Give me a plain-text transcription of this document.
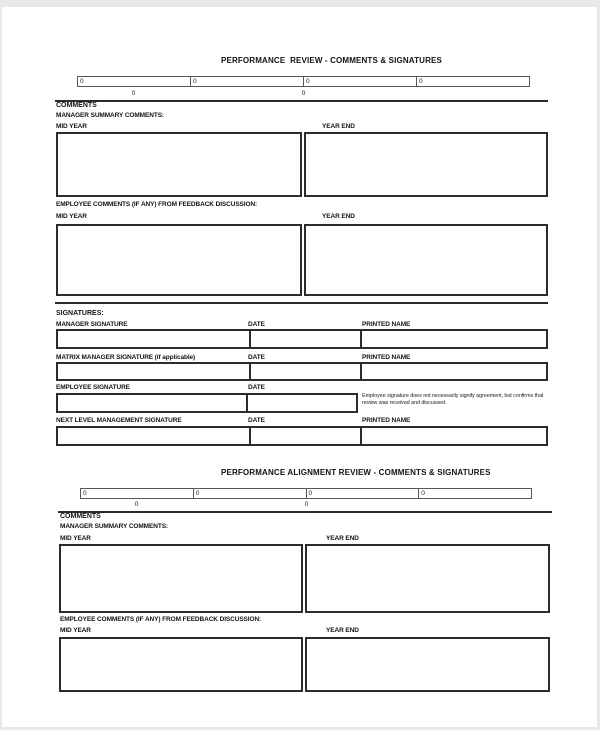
PERFORMANCE  REVIEW - COMMENTS & SIGNATURES
0	0	0	0
0	0
COMMENTS
MANAGER SUMMARY COMMENTS:
MID YEAR	YEAR END
EMPLOYEE COMMENTS (IF ANY) FROM FEEDBACK DISCUSSION:
MID YEAR	YEAR END
SIGNATURES:
MANAGER SIGNATURE	DATE	PRINTED NAME
MATRIX MANAGER SIGNATURE (if applicable)	DATE	PRINTED NAME
EMPLOYEE SIGNATURE	DATE
Employee signature does not necessarily signify agreement, but confirms that review was received and discussed.
NEXT LEVEL MANAGEMENT SIGNATURE	DATE	PRINTED NAME
PERFORMANCE ALIGNMENT REVIEW - COMMENTS & SIGNATURES
0	0	0	0
0	0
COMMENTS
MANAGER SUMMARY COMMENTS:
MID YEAR	YEAR END
EMPLOYEE COMMENTS (IF ANY) FROM FEEDBACK DISCUSSION:
MID YEAR	YEAR END
